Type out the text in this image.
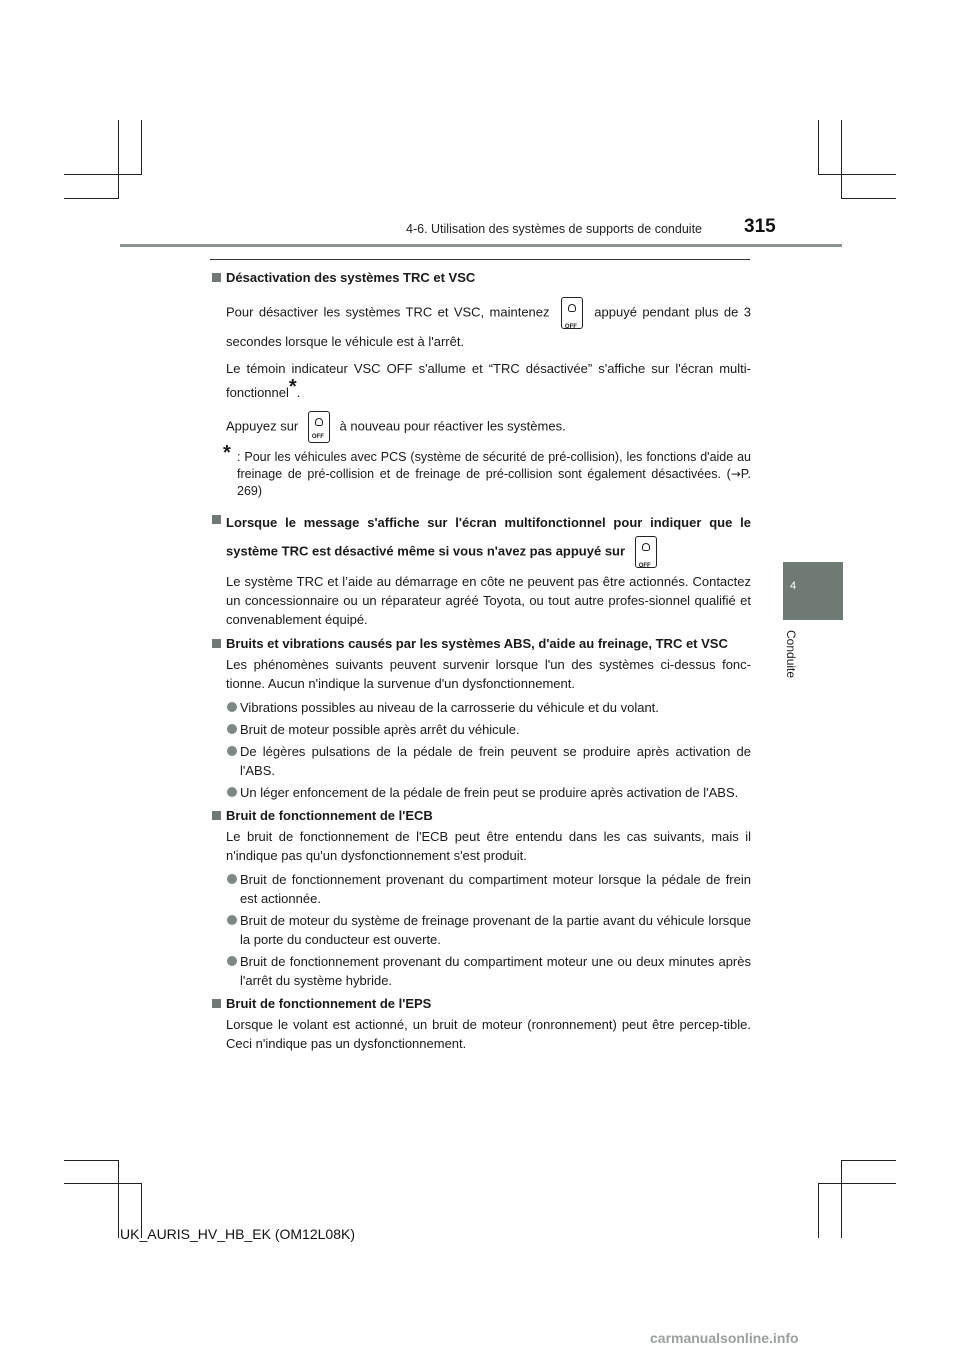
4-6. Utilisation des systèmes de supports de conduite 315
4
Conduite
Désactivation des systèmes TRC et VSC
Pour désactiver les systèmes TRC et VSC, maintenez OFF	appuyé pendant plus de 3 secondes lorsque le véhicule est à l'arrêt.
Le témoin indicateur VSC OFF s'allume et “TRC désactivée” s'affiche sur l'écran multi-fonctionnel*.
Appuyez sur OFF	à nouveau pour réactiver les systèmes.
* : Pour les véhicules avec PCS (système de sécurité de pré-collision), les fonctions d'aide au freinage de pré-collision et de freinage de pré-collision sont également désactivées. (→P. 269)
Lorsque le message s'affiche sur l'écran multifonctionnel pour indiquer que le système TRC est désactivé même si vous n'avez pas appuyé sur OFF
Le système TRC et l’aide au démarrage en côte ne peuvent pas être actionnés. Contactez un concessionnaire ou un réparateur agréé Toyota, ou tout autre profes-sionnel qualifié et convenablement équipé.
Bruits et vibrations causés par les systèmes ABS, d'aide au freinage, TRC et VSC
Les phénomènes suivants peuvent survenir lorsque l'un des systèmes ci-dessus fonc-tionne. Aucun n'indique la survenue d'un dysfonctionnement.
Vibrations possibles au niveau de la carrosserie du véhicule et du volant.
Bruit de moteur possible après arrêt du véhicule.
De légères pulsations de la pédale de frein peuvent se produire après activation de l'ABS.
Un léger enfoncement de la pédale de frein peut se produire après activation de l'ABS.
Bruit de fonctionnement de l'ECB
Le bruit de fonctionnement de l'ECB peut être entendu dans les cas suivants, mais il n'indique pas qu'un dysfonctionnement s'est produit.
Bruit de fonctionnement provenant du compartiment moteur lorsque la pédale de frein est actionnée.
Bruit de moteur du système de freinage provenant de la partie avant du véhicule lorsque la porte du conducteur est ouverte.
Bruit de fonctionnement provenant du compartiment moteur une ou deux minutes après l'arrêt du système hybride.
Bruit de fonctionnement de l'EPS
Lorsque le volant est actionné, un bruit de moteur (ronronnement) peut être percep-tible. Ceci n'indique pas un dysfonctionnement.
UK_AURIS_HV_HB_EK (OM12L08K)
carmanualsonline.info
